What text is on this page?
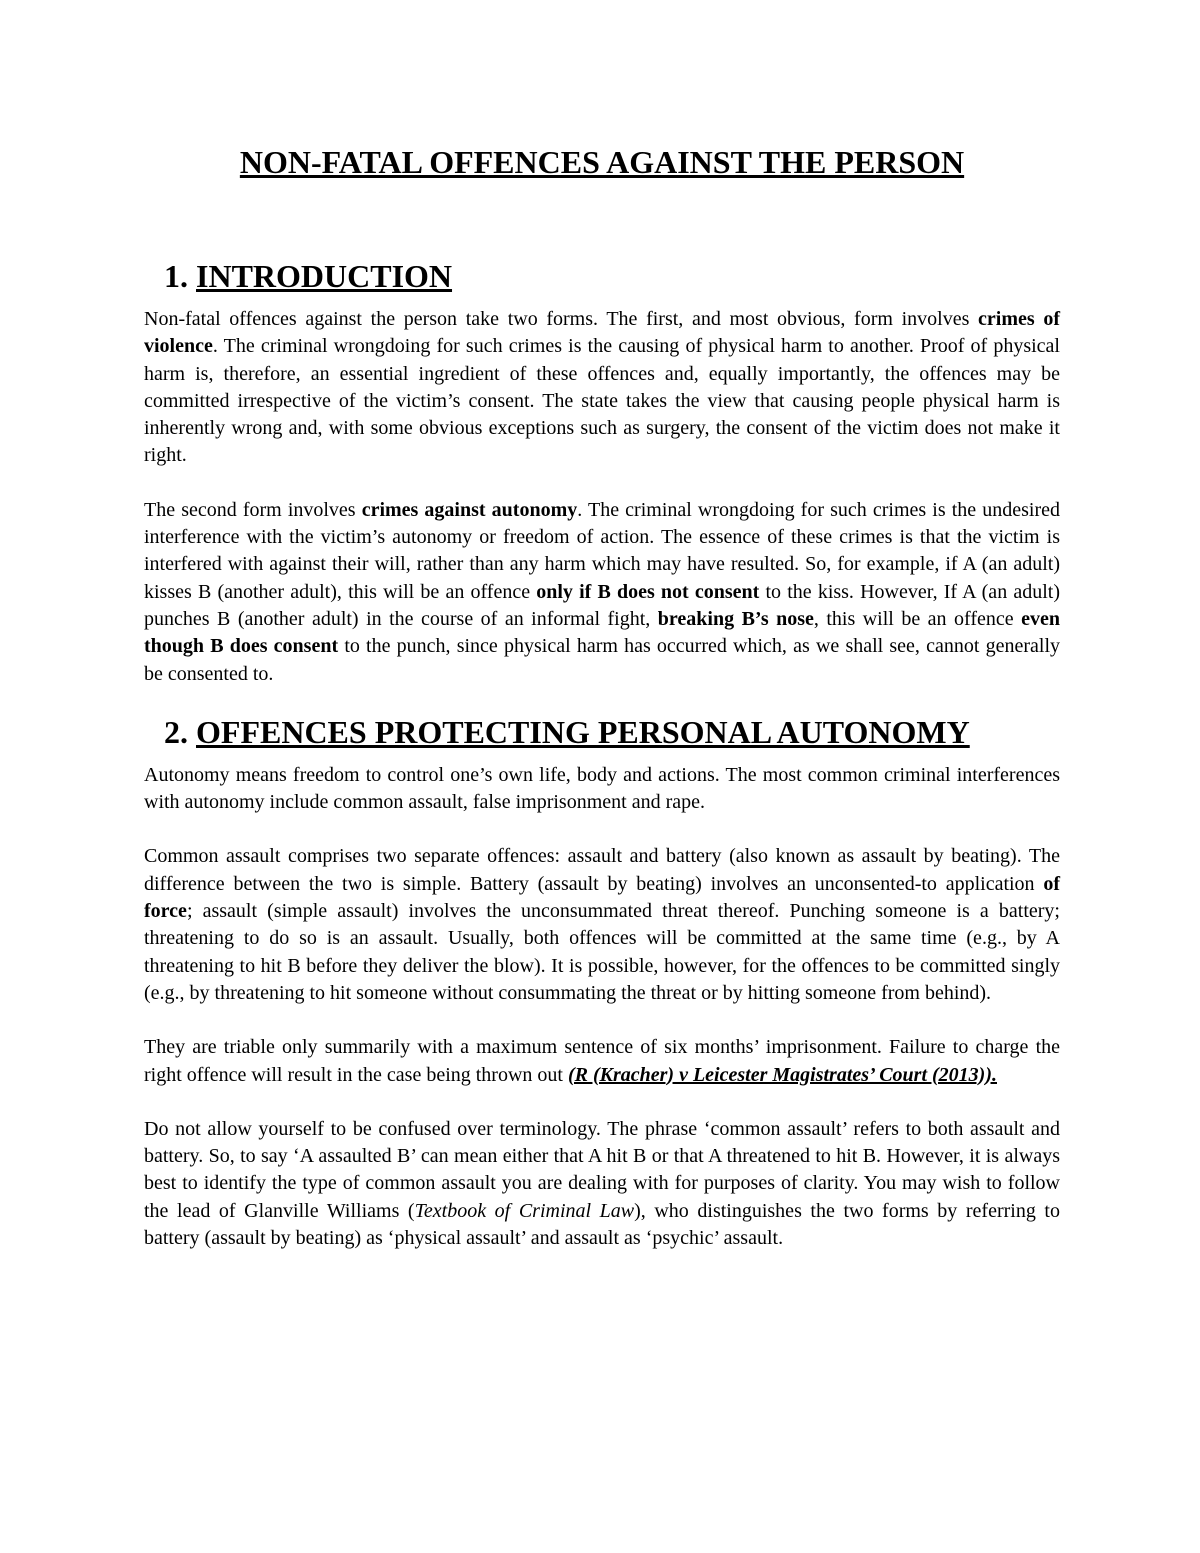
NON-FATAL OFFENCES AGAINST THE PERSON
1. INTRODUCTION

Non-fatal offences against the person take two forms. The first, and most obvious, form involves crimes of violence. The criminal wrongdoing for such crimes is the causing of physical harm to another. Proof of physical harm is, therefore, an essential ingredient of these offences and, equally importantly, the offences may be committed irrespective of the victim’s consent. The state takes the view that causing people physical harm is inherently wrong and, with some obvious exceptions such as surgery, the consent of the victim does not make it right.

The second form involves crimes against autonomy. The criminal wrongdoing for such crimes is the undesired interference with the victim’s autonomy or freedom of action. The essence of these crimes is that the victim is interfered with against their will, rather than any harm which may have resulted. So, for example, if A (an adult) kisses B (another adult), this will be an offence only if B does not consent to the kiss. However, If A (an adult) punches B (another adult) in the course of an informal fight, breaking B’s nose, this will be an offence even though B does consent to the punch, since physical harm has occurred which, as we shall see, cannot generally be consented to.

2. OFFENCES PROTECTING PERSONAL AUTONOMY

Autonomy means freedom to control one’s own life, body and actions. The most common criminal interferences with autonomy include common assault, false imprisonment and rape.

Common assault comprises two separate offences: assault and battery (also known as assault by beating). The difference between the two is simple. Battery (assault by beating) involves an unconsented-to application of force; assault (simple assault) involves the unconsummated threat thereof. Punching someone is a battery; threatening to do so is an assault. Usually, both offences will be committed at the same time (e.g., by A threatening to hit B before they deliver the blow). It is possible, however, for the offences to be committed singly (e.g., by threatening to hit someone without consummating the threat or by hitting someone from behind).

They are triable only summarily with a maximum sentence of six months’ imprisonment. Failure to charge the right offence will result in the case being thrown out (R (Kracher) v Leicester Magistrates’ Court (2013)).

Do not allow yourself to be confused over terminology. The phrase ‘common assault’ refers to both assault and battery. So, to say ‘A assaulted B’ can mean either that A hit B or that A threatened to hit B. However, it is always best to identify the type of common assault you are dealing with for purposes of clarity. You may wish to follow the lead of Glanville Williams (Textbook of Criminal Law), who distinguishes the two forms by referring to battery (assault by beating) as ‘physical assault’ and assault as ‘psychic’ assault.
